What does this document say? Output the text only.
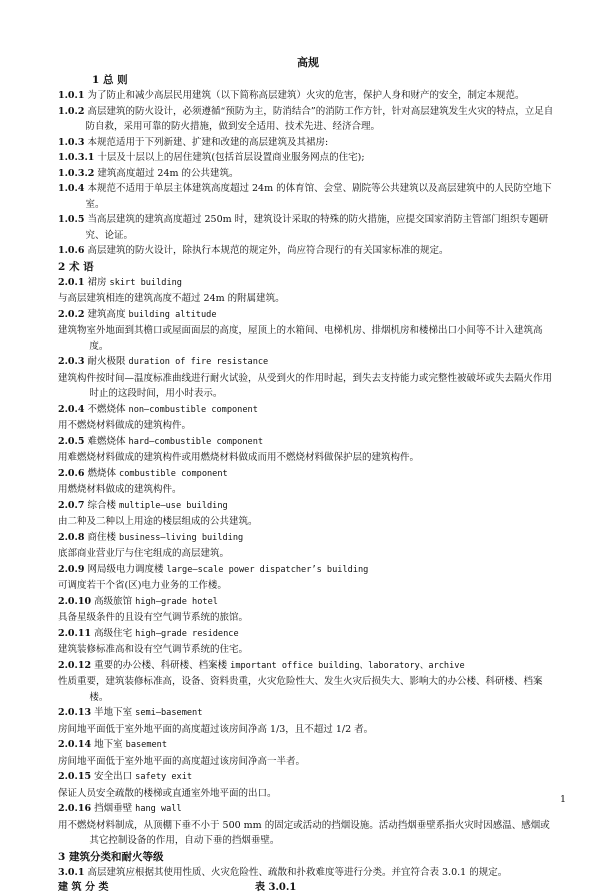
高规
1 总 则
1.0.1 为了防止和减少高层民用建筑（以下简称高层建筑）火灾的危害，保护人身和财产的安全，制定本规范。
1.0.2 高层建筑的防火设计，必须遵循“预防为主，防消结合”的消防工作方针，针对高层建筑发生火灾的特点，立足自防自救，采用可靠的防火措施，做到安全适用、技术先进、经济合理。
1.0.3 本规范适用于下列新建、扩建和改建的高层建筑及其裙房:
1.0.3.1 十层及十层以上的居住建筑(包括首层设置商业服务网点的住宅);
1.0.3.2 建筑高度超过 24m 的公共建筑。
1.0.4 本规范不适用于单层主体建筑高度超过 24m 的体育馆、会堂、剧院等公共建筑以及高层建筑中的人民防空地下室。
1.0.5 当高层建筑的建筑高度超过 250m 时，建筑设计采取的特殊的防火措施，应提交国家消防主管部门组织专题研究、论证。
1.0.6 高层建筑的防火设计，除执行本规范的规定外，尚应符合现行的有关国家标准的规定。
2 术 语
2.0.1 裙房 skirt building
与高层建筑相连的建筑高度不超过 24m 的附属建筑。
2.0.2 建筑高度 building altitude
建筑物室外地面到其檐口或屋面面层的高度，屋顶上的水箱间、电梯机房、排烟机房和楼梯出口小间等不计入建筑高度。
2.0.3 耐火极限 duration of fire resistance
建筑构件按时间—温度标准曲线进行耐火试验，从受到火的作用时起，到失去支持能力或完整性被破坏或失去隔火作用时止的这段时间，用小时表示。
2.0.4 不燃烧体 non–combustible component
用不燃烧材料做成的建筑构件。
2.0.5 难燃烧体 hard–combustible component
用难燃烧材料做成的建筑构件或用燃烧材料做成而用不燃烧材料做保护层的建筑构件。
2.0.6 燃烧体 combustible component
用燃烧材料做成的建筑构件。
2.0.7 综合楼 multiple–use building
由二种及二种以上用途的楼层组成的公共建筑。
2.0.8 商住楼 business–living building
底部商业营业厅与住宅组成的高层建筑。
2.0.9 网局级电力调度楼 large–scale power dispatcher’s building
可调度若干个省(区)电力业务的工作楼。
2.0.10 高级旅馆 high–grade hotel
具备星级条件的且设有空气调节系统的旅馆。
2.0.11 高级住宅 high–grade residence
建筑装修标准高和设有空气调节系统的住宅。
2.0.12 重要的办公楼、科研楼、档案楼 important office building、laboratory、archive
性质重要，建筑装修标准高，设备、资料贵重，火灾危险性大、发生火灾后损失大、影响大的办公楼、科研楼、档案楼。
2.0.13 半地下室 semi–basement
房间地平面低于室外地平面的高度超过该房间净高 1/3，且不超过 1/2 者。
2.0.14 地下室 basement
房间地平面低于室外地平面的高度超过该房间净高一半者。
2.0.15 安全出口 safety exit
保证人员安全疏散的楼梯或直通室外地平面的出口。
2.0.16 挡烟垂壁 hang wall
用不燃烧材料制成，从顶棚下垂不小于 500 mm 的固定或活动的挡烟设施。活动挡烟垂壁系指火灾时因感温、感烟或其它控制设备的作用，自动下垂的挡烟垂壁。
3 建筑分类和耐火等级
3.0.1 高层建筑应根据其使用性质、火灾危险性、疏散和扑救难度等进行分类。并宜符合表 3.0.1 的规定。
建 筑 分 类	表 3.0.1
1
